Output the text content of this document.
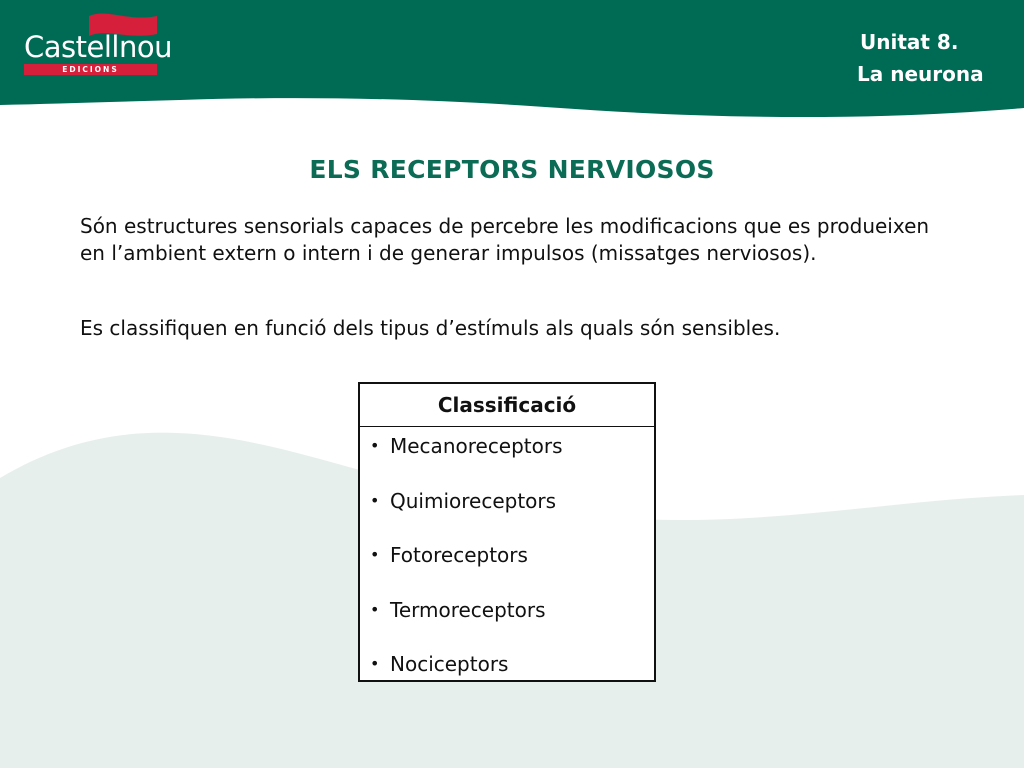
Castellnou
EDICIONS
Unitat 8.
La neurona
ELS RECEPTORS NERVIOSOS

Són estructures sensorials capaces de percebre les modificacions que es produeixen en l’ambient extern o intern i de generar impulsos (missatges nerviosos).

Es classifiquen en funció dels tipus d’estímuls als quals són sensibles.

Classificació
• Mecanoreceptors
• Quimioreceptors
• Fotoreceptors
• Termoreceptors
• Nociceptors
